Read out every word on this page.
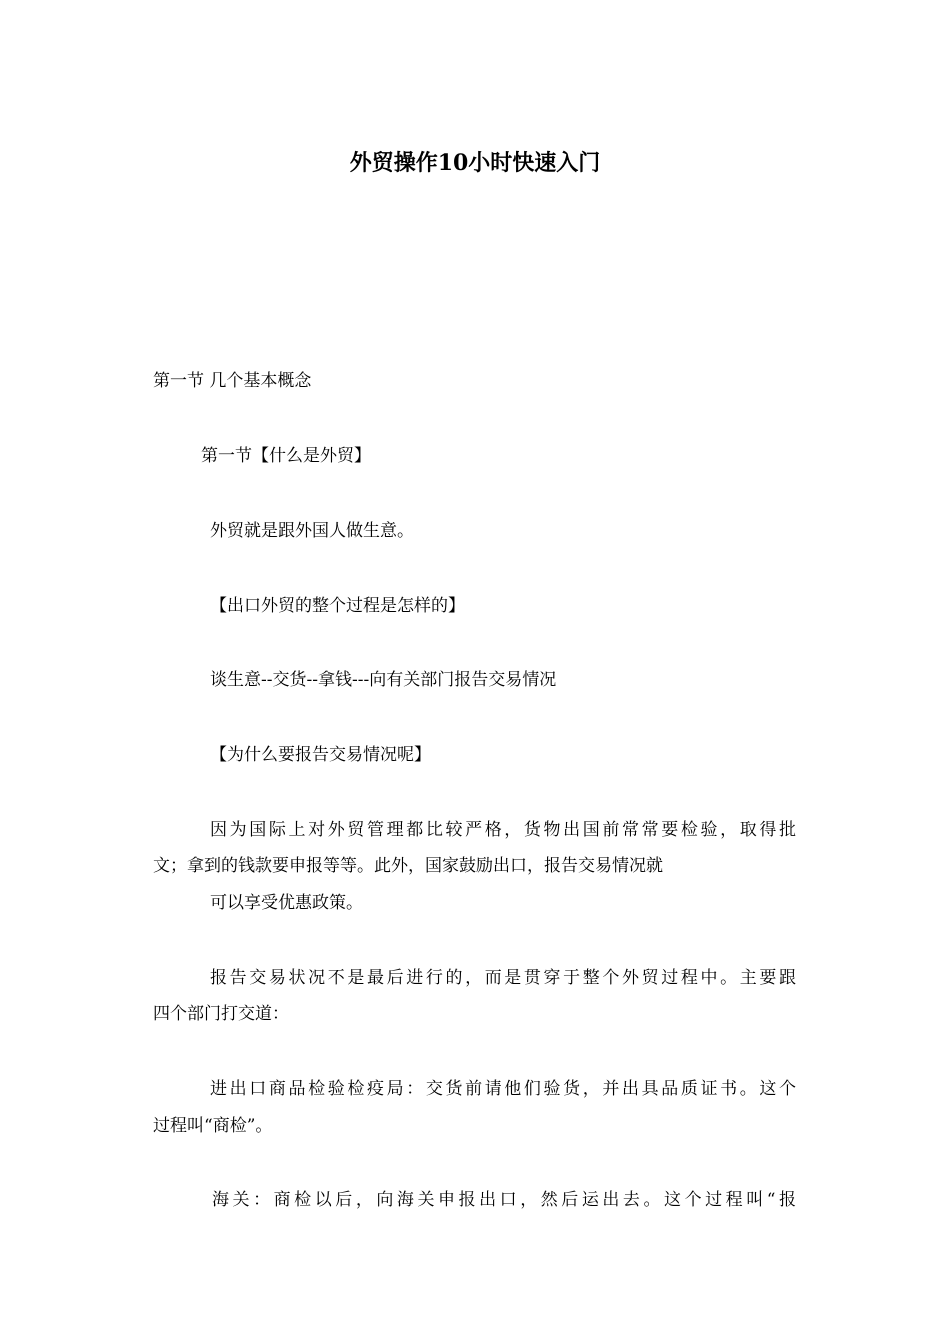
外贸操作10小时快速入门

第一节 几个基本概念

第一节【什么是外贸】

外贸就是跟外国人做生意。

【出口外贸的整个过程是怎样的】

谈生意--交货--拿钱---向有关部门报告交易情况

【为什么要报告交易情况呢】

因为国际上对外贸管理都比较严格，货物出国前常常要检验，取得批

文；拿到的钱款要申报等等。此外，国家鼓励出口，报告交易情况就

可以享受优惠政策。

报告交易状况不是最后进行的，而是贯穿于整个外贸过程中。主要跟

四个部门打交道：

进出口商品检验检疫局：交货前请他们验货，并出具品质证书。这个

过程叫“商检”。

海关：商检以后，向海关申报出口，然后运出去。这个过程叫“报
